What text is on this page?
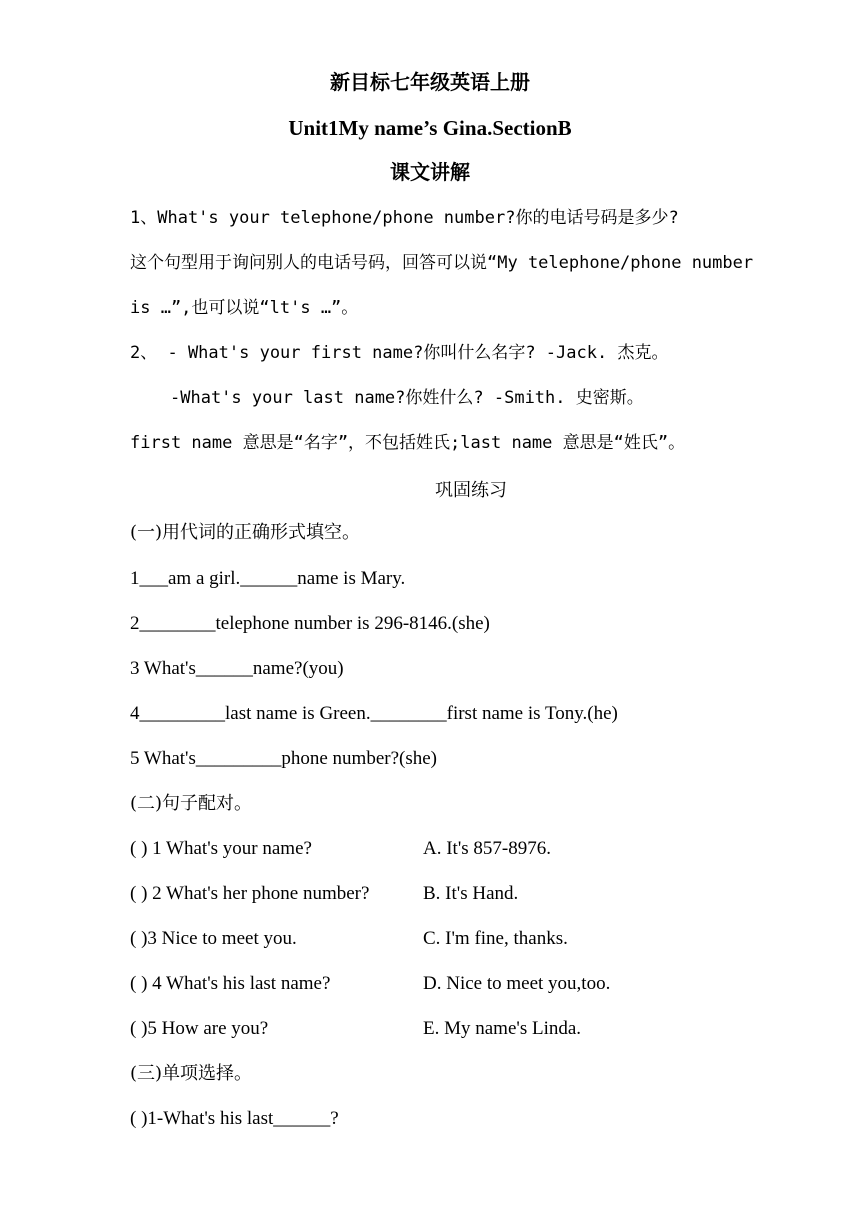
新目标七年级英语上册
Unit1My name’s Gina.SectionB
课文讲解
1、What's your telephone/phone number?你的电话号码是多少?
这个句型用于询问别人的电话号码，回答可以说“My telephone/phone number
is …”,也可以说“lt's …”。
2、 - What's your first name?你叫什么名字? -Jack. 杰克。
-What's your last name?你姓什么? -Smith. 史密斯。
first name 意思是“名字”，不包括姓氏;last name 意思是“姓氏”。
巩固练习
(一)用代词的正确形式填空。
1___am a girl.______name is Mary.
2________telephone number is 296-8146.(she)
3 What's______name?(you)
4_________last name is Green.________first name is Tony.(he)
5 What's_________phone number?(she)
(二)句子配对。
( ) 1 What's your name?	A. It's 857-8976.
( ) 2 What's her phone number?	B. It's Hand.
( )3 Nice to meet you.	C. I'm fine, thanks.
( ) 4 What's his last name?	D. Nice to meet you,too.
( )5 How are you?	E. My name's Linda.
(三)单项选择。
( )1-What's his last______?
